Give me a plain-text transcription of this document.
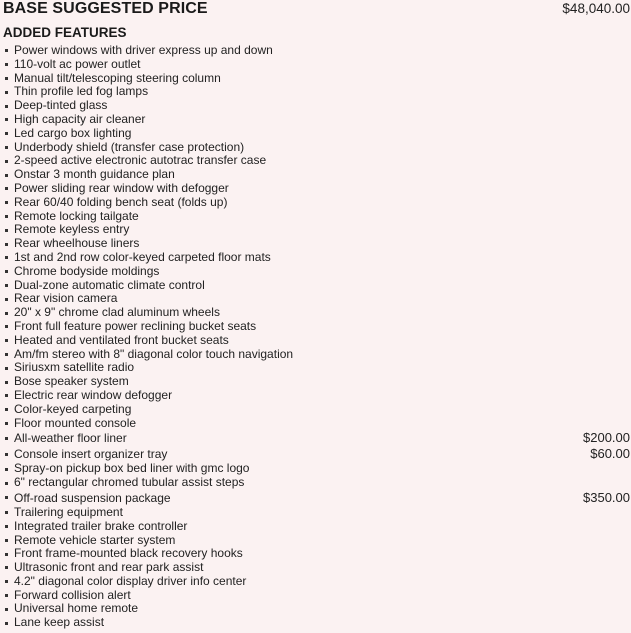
BASE SUGGESTED PRICE	$48,040.00
ADDED FEATURES
Power windows with driver express up and down
110-volt ac power outlet
Manual tilt/telescoping steering column
Thin profile led fog lamps
Deep-tinted glass
High capacity air cleaner
Led cargo box lighting
Underbody shield (transfer case protection)
2-speed active electronic autotrac transfer case
Onstar 3 month guidance plan
Power sliding rear window with defogger
Rear 60/40 folding bench seat (folds up)
Remote locking tailgate
Remote keyless entry
Rear wheelhouse liners
1st and 2nd row color-keyed carpeted floor mats
Chrome bodyside moldings
Dual-zone automatic climate control
Rear vision camera
20" x 9" chrome clad aluminum wheels
Front full feature power reclining bucket seats
Heated and ventilated front bucket seats
Am/fm stereo with 8" diagonal color touch navigation
Siriusxm satellite radio
Bose speaker system
Electric rear window defogger
Color-keyed carpeting
Floor mounted console
All-weather floor liner	$200.00
Console insert organizer tray	$60.00
Spray-on pickup box bed liner with gmc logo
6" rectangular chromed tubular assist steps
Off-road suspension package	$350.00
Trailering equipment
Integrated trailer brake controller
Remote vehicle starter system
Front frame-mounted black recovery hooks
Ultrasonic front and rear park assist
4.2" diagonal color display driver info center
Forward collision alert
Universal home remote
Lane keep assist
